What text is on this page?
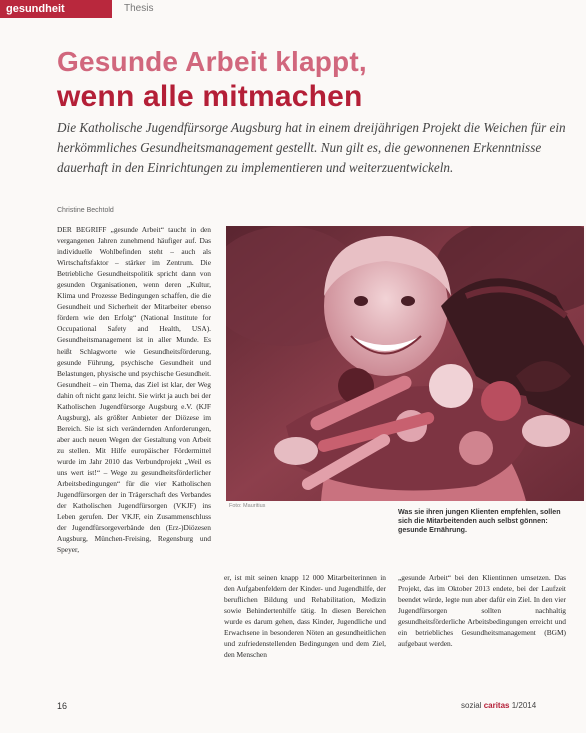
gesundheit	Thesis
Gesunde Arbeit klappt,
wenn alle mitmachen
Die Katholische Jugendfürsorge Augsburg hat in einem dreijährigen Projekt die Weichen für ein herkömmliches Gesundheitsmanagement gestellt. Nun gilt es, die gewonnenen Erkenntnisse dauerhaft in den Einrichtungen zu implementieren und weiterzuentwickeln.
Christine Bechtold
DER BEGRIFF „gesunde Arbeit“ taucht in den vergangenen Jahren zunehmend häufiger auf. Das individuelle Wohlbefinden steht – auch als Wirtschaftsfaktor – stärker im Zentrum. Die Betriebliche Gesundheitspolitik spricht dann von gesunden Organisationen, wenn deren „Kultur, Klima und Prozesse Bedingungen schaffen, die die Gesundheit und Sicherheit der Mitarbeiter ebenso fördern wie den Erfolg“ (National Institute for Occupational Safety and Health, USA). Gesundheitsmanagement ist in aller Munde. Es heißt Schlagworte wie Gesundheitsförderung, gesunde Führung, psychische Gesundheit und Belastungen, physische und psychische Gesundheit. Gesundheit – ein Thema, das Ziel ist klar, der Weg dahin oft nicht ganz leicht. Sie wirkt ja auch bei der Katholischen Jugendfürsorge Augsburg e.V. (KJF Augsburg), als größter Anbieter der Diözese im Bereich. Sie ist sich verändernden Anforderungen, aber auch neuen Wegen der Gestaltung von Arbeit zu stellen. Mit Hilfe europäischer Fördermittel wurde im Jahr 2010 das Verbundprojekt „Weil es uns wert ist!“ – Wege zu gesundheitsförderlicher Arbeitsbedingungen“ für die vier Katholischen Jugendfürsorgen der in Trägerschaft des Verbandes der Katholischen Jugendfürsorgen (VKJF) ins Leben gerufen. Der VKJF, ein Zusammenschluss der Jugendfürsorgeverbände den (Erz-)Diözesen Augsburg, München-Freising, Regensburg und Speyer,
Foto: Mauritius
Was sie ihren jungen Klienten empfehlen, sollen sich die Mitarbeitenden auch selbst gönnen: gesunde Ernährung.
er, ist mit seinen knapp 12 000 Mitarbeiterinnen in den Aufgabenfeldern der Kinder- und Jugendhilfe, der beruflichen Bildung und Rehabilitation, Medizin sowie Behindertenhilfe tätig. In diesen Bereichen wurde es darum gehen, dass Kinder, Jugendliche und Erwachsene in besonderen Nöten an gesundheitlichen und zufriedenstellenden Bedingungen und dem Ziel, den Menschen
„gesunde Arbeit“ bei den Klientinnen umsetzen. Das Projekt, das im Oktober 2013 endete, bei der Laufzeit beendet würde, legte nun aber dafür ein Ziel. In den vier Jugendfürsorgen sollten nachhaltig gesundheitsförderliche Arbeitsbedingungen erreicht und ein betriebliches Gesundheitsmanagement (BGM) aufgebaut werden.
16	sozial caritas 1/2014
